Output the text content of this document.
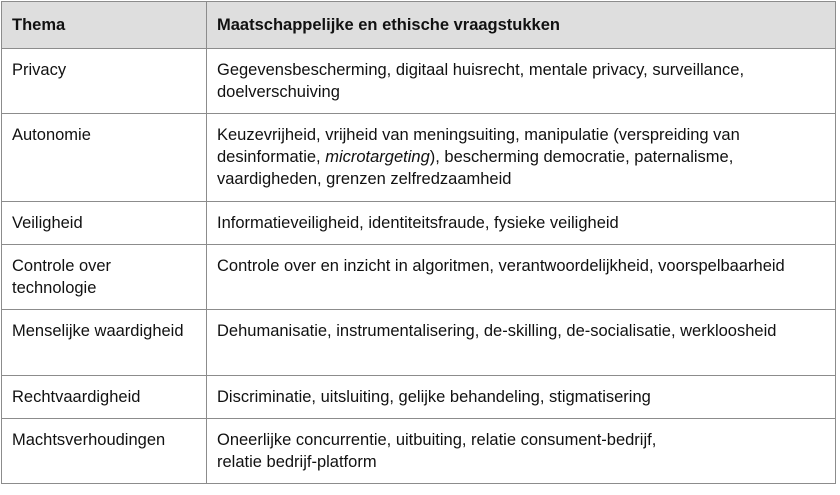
Thema	Maatschappelijke en ethische vraagstukken
Privacy	Gegevensbescherming, digitaal huisrecht, mentale privacy, surveillance, doelverschuiving
Autonomie	Keuzevrijheid, vrijheid van meningsuiting, manipulatie (verspreiding van desinformatie, microtargeting), bescherming democratie, paternalisme, vaardigheden, grenzen zelfredzaamheid
Veiligheid	Informatieveiligheid, identiteitsfraude, fysieke veiligheid
Controle over technologie	Controle over en inzicht in algoritmen, verantwoordelijkheid, voorspelbaarheid
Menselijke waardigheid	Dehumanisatie, instrumentalisering, de-skilling, de-socialisatie, werkloosheid
Rechtvaardigheid	Discriminatie, uitsluiting, gelijke behandeling, stigmatisering
Machtsverhoudingen	Oneerlijke concurrentie, uitbuiting, relatie consument-bedrijf,
relatie bedrijf-platform
